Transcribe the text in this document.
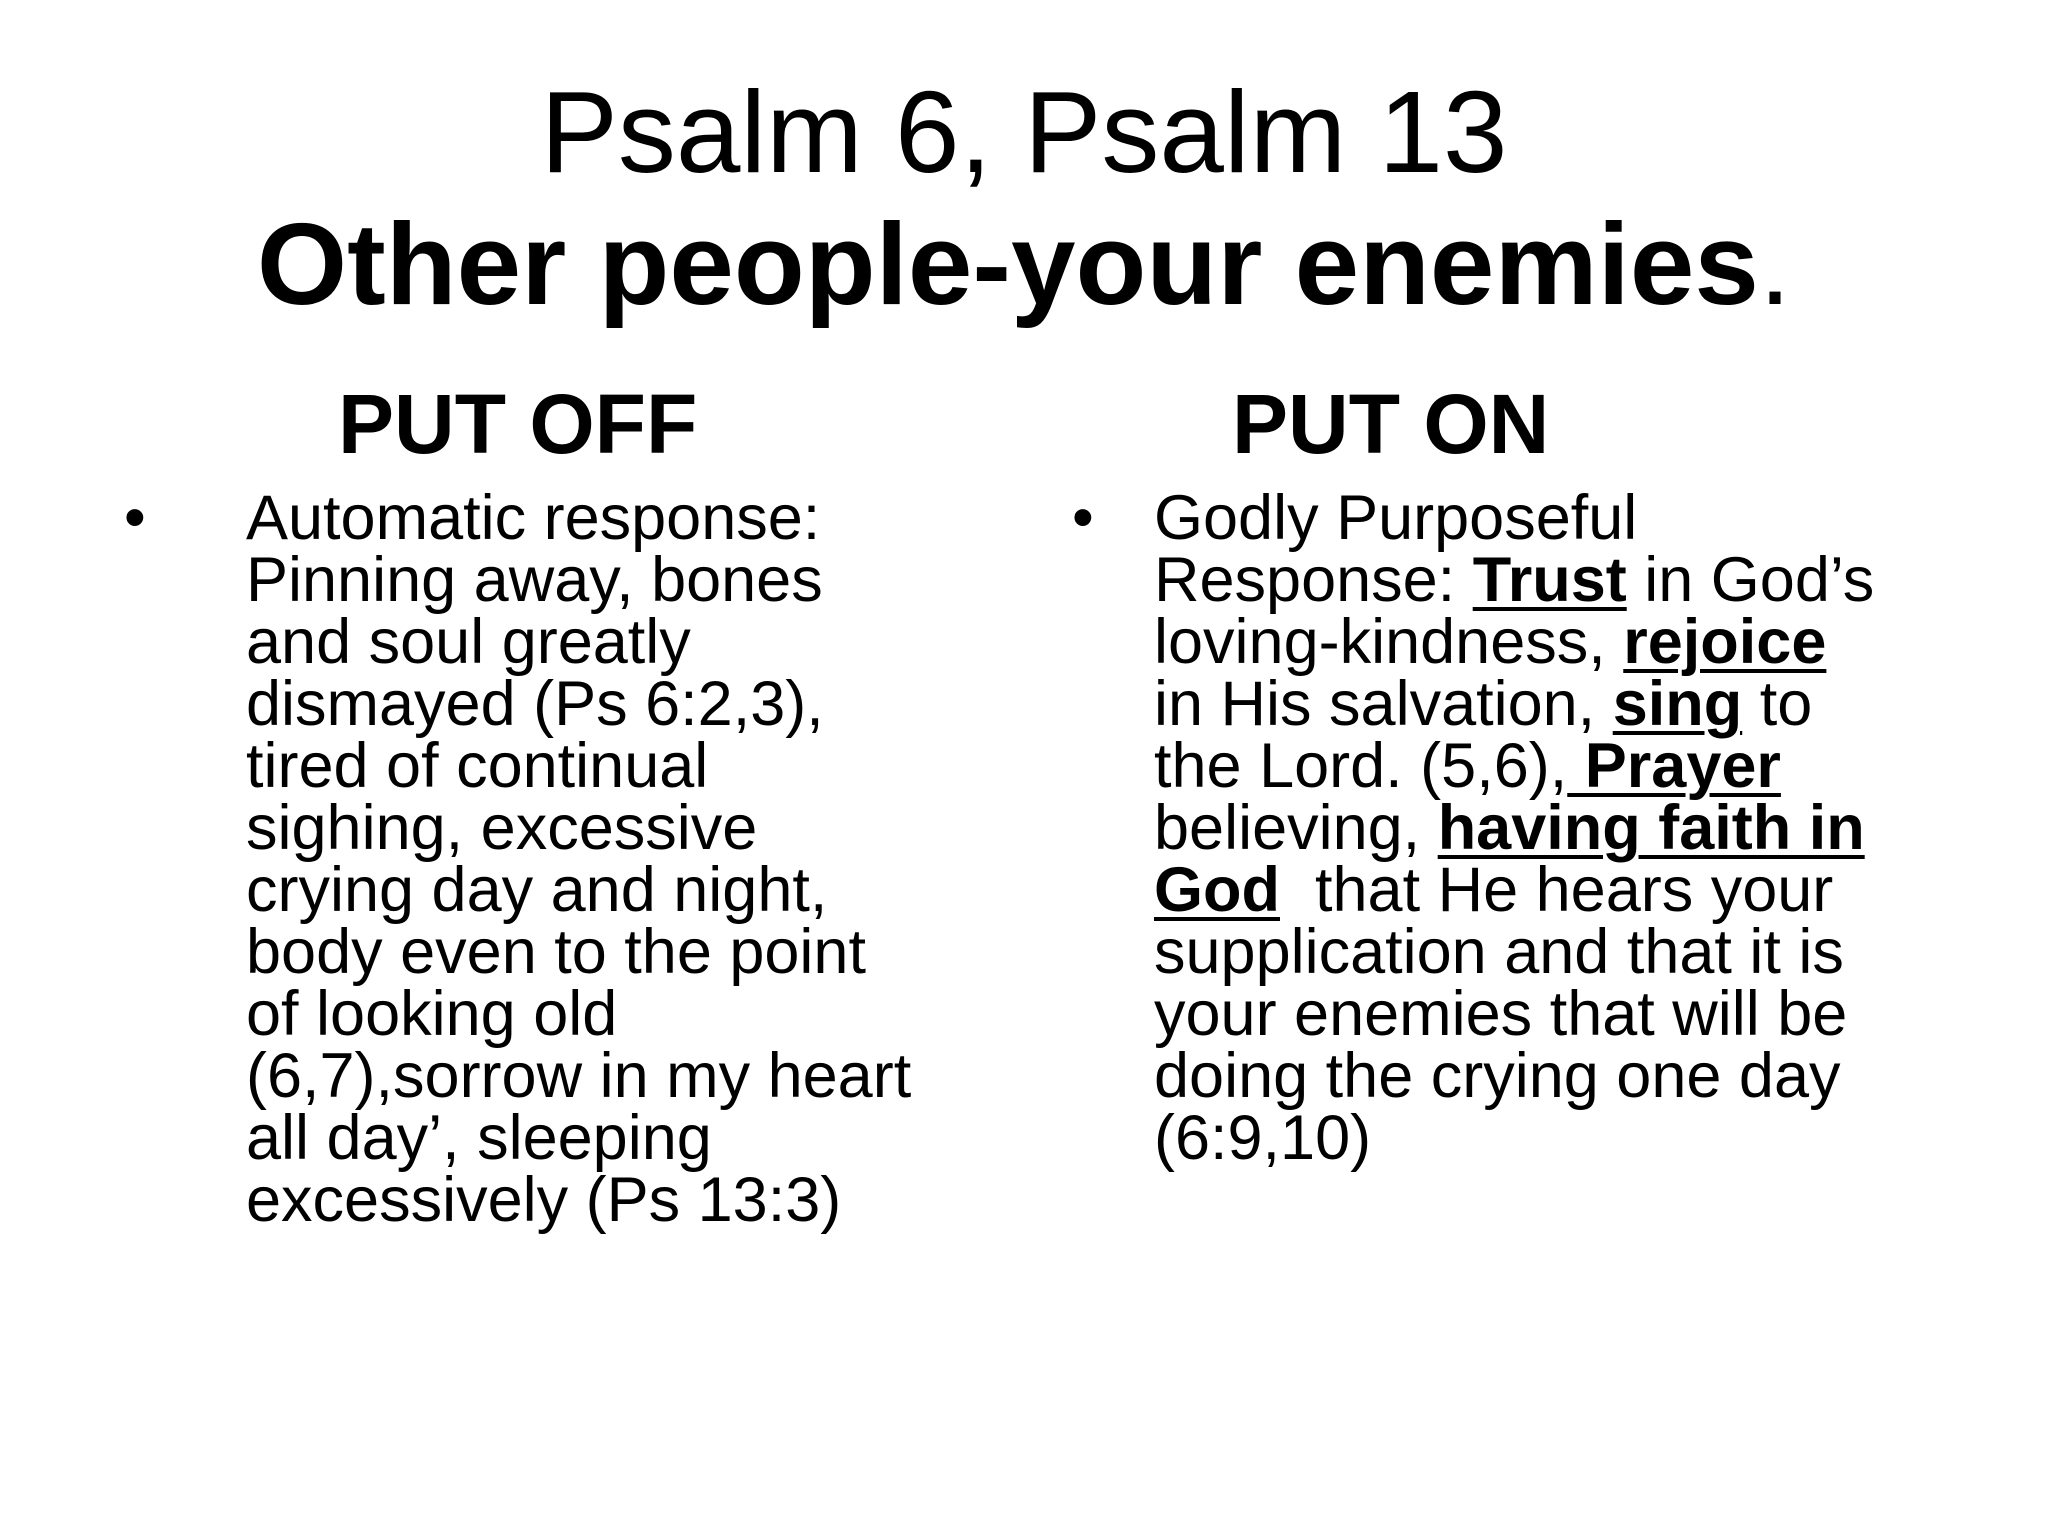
Psalm 6, Psalm 13
Other people-your enemies.
PUT OFF	PUT ON
• Automatic response:
Pinning away, bones
and soul greatly
dismayed (Ps 6:2,3),
tired of continual
sighing, excessive
crying day and night,
body even to the point
of looking old
(6,7),sorrow in my heart
all day’, sleeping
excessively (Ps 13:3)
• Godly Purposeful
Response: Trust in God’s
loving-kindness, rejoice
in His salvation, sing to
the Lord. (5,6), Prayer
believing, having faith in
God  that He hears your
supplication and that it is
your enemies that will be
doing the crying one day
(6:9,10)
